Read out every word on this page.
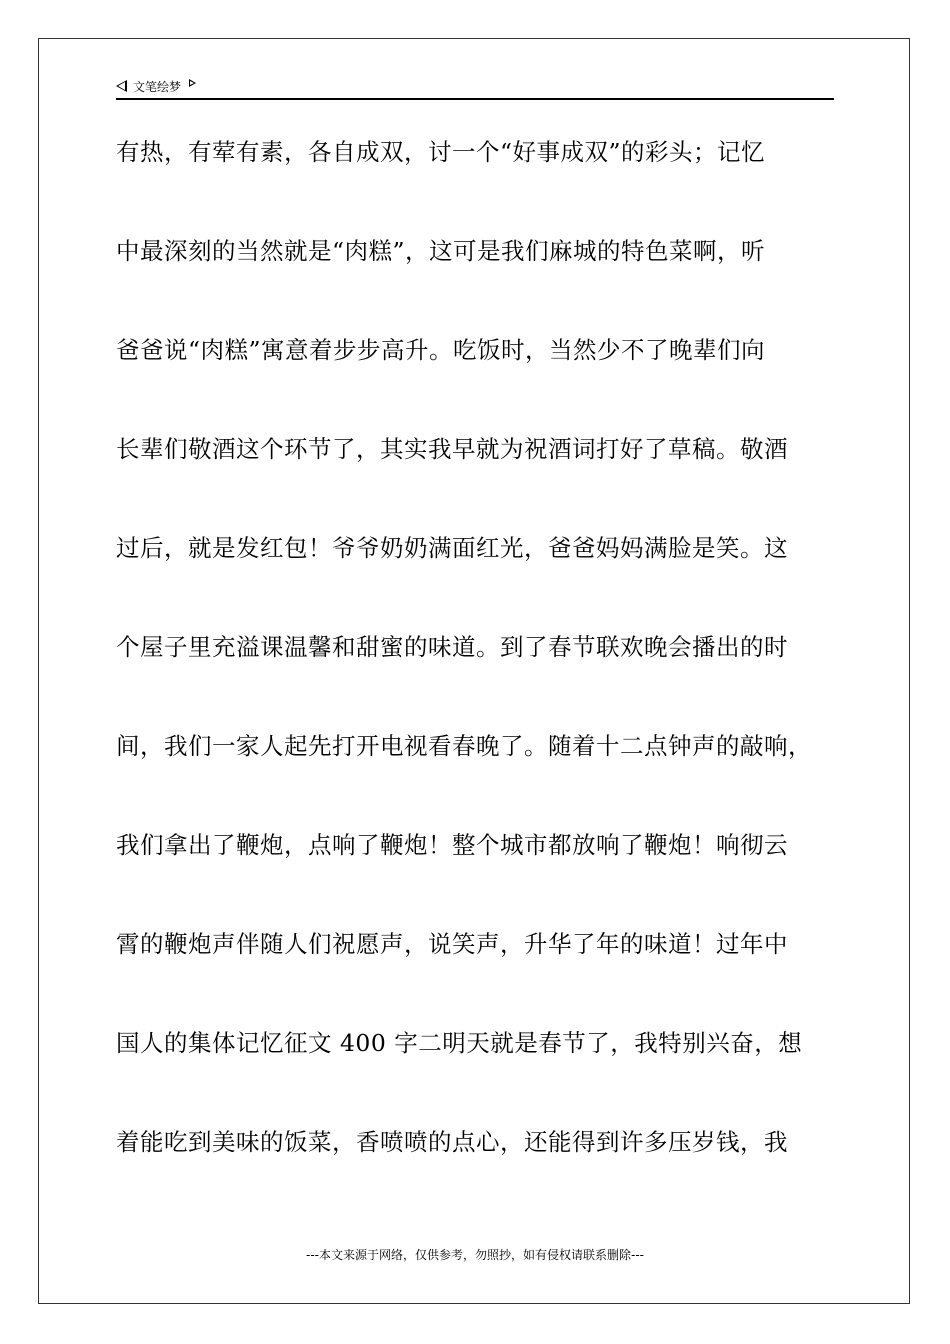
文笔绘梦
有热，有荤有素，各自成双，讨一个“好事成双”的彩头；记忆
中最深刻的当然就是“肉糕”，这可是我们麻城的特色菜啊，听
爸爸说“肉糕”寓意着步步高升。吃饭时，当然少不了晚辈们向
长辈们敬酒这个环节了，其实我早就为祝酒词打好了草稿。敬酒
过后，就是发红包！爷爷奶奶满面红光，爸爸妈妈满脸是笑。这
个屋子里充溢课温馨和甜蜜的味道。到了春节联欢晚会播出的时
间，我们一家人起先打开电视看春晚了。随着十二点钟声的敲响，
我们拿出了鞭炮，点响了鞭炮！整个城市都放响了鞭炮！响彻云
霄的鞭炮声伴随人们祝愿声，说笑声，升华了年的味道！过年中
国人的集体记忆征文 400 字二明天就是春节了，我特别兴奋，想
着能吃到美味的饭菜，香喷喷的点心，还能得到许多压岁钱，我
---本文来源于网络，仅供参考，勿照抄，如有侵权请联系删除---
